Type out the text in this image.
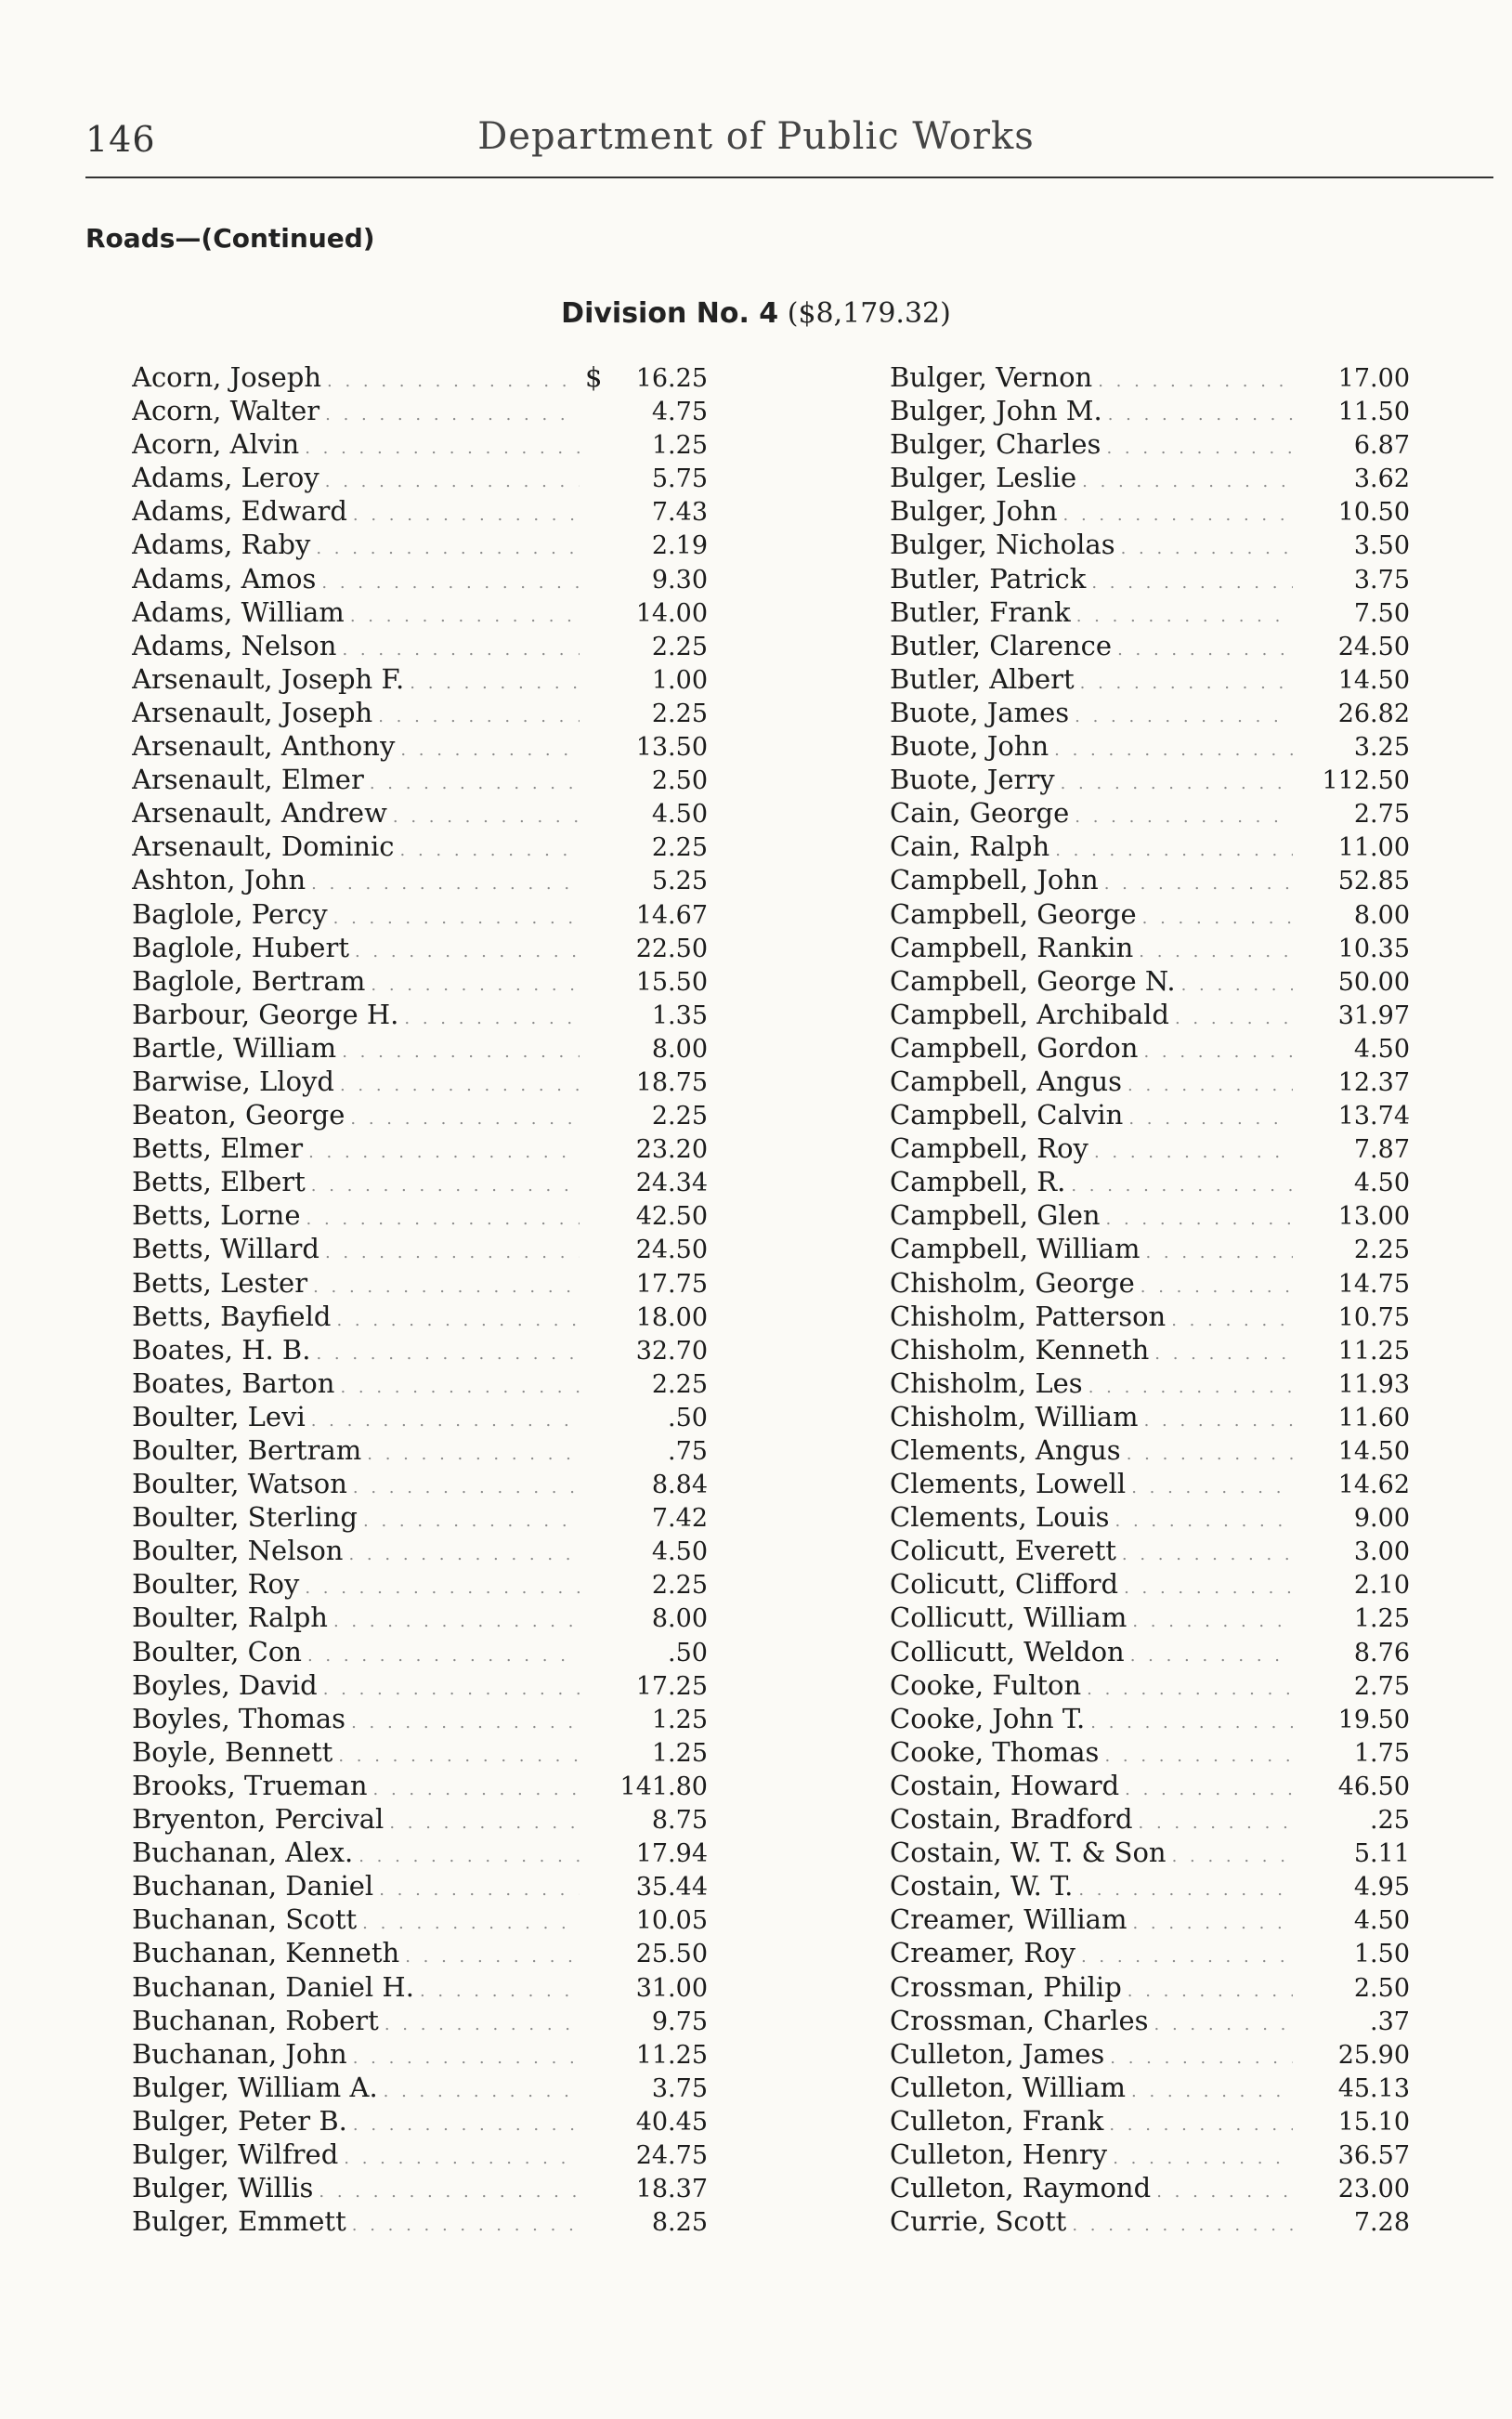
146	Department of Public Works
Roads—(Continued)
Division No. 4 ($8,179.32)
Acorn, Joseph . . .	$	16.25
Acorn, Walter . . .	4.75
Acorn, Alvin . . .	1.25
Adams, Leroy . . .	5.75
Adams, Edward . . .	7.43
Adams, Raby . . .	2.19
Adams, Amos . . .	9.30
Adams, William . . .	14.00
Adams, Nelson . . .	2.25
Arsenault, Joseph F. . . .	1.00
Arsenault, Joseph . . .	2.25
Arsenault, Anthony . . .	13.50
Arsenault, Elmer . . .	2.50
Arsenault, Andrew . . .	4.50
Arsenault, Dominic . . .	2.25
Ashton, John . . .	5.25
Baglole, Percy . . .	14.67
Baglole, Hubert . . .	22.50
Baglole, Bertram . . .	15.50
Barbour, George H. . . .	1.35
Bartle, William . . .	8.00
Barwise, Lloyd . . .	18.75
Beaton, George . . .	2.25
Betts, Elmer . . .	23.20
Betts, Elbert . . .	24.34
Betts, Lorne . . .	42.50
Betts, Willard . . .	24.50
Betts, Lester . . .	17.75
Betts, Bayfield . . .	18.00
Boates, H. B. . . .	32.70
Boates, Barton . . .	2.25
Boulter, Levi . . .	.50
Boulter, Bertram . . .	.75
Boulter, Watson . . .	8.84
Boulter, Sterling . . .	7.42
Boulter, Nelson . . .	4.50
Boulter, Roy . . .	2.25
Boulter, Ralph . . .	8.00
Boulter, Con . . .	.50
Boyles, David . . .	17.25
Boyles, Thomas . . .	1.25
Boyle, Bennett . . .	1.25
Brooks, Trueman . . .	141.80
Bryenton, Percival . . .	8.75
Buchanan, Alex. . . .	17.94
Buchanan, Daniel . . .	35.44
Buchanan, Scott . . .	10.05
Buchanan, Kenneth . . .	25.50
Buchanan, Daniel H. . . .	31.00
Buchanan, Robert . . .	9.75
Buchanan, John . . .	11.25
Bulger, William A. . . .	3.75
Bulger, Peter B. . . .	40.45
Bulger, Wilfred . . .	24.75
Bulger, Willis . . .	18.37
Bulger, Emmett . . .	8.25
Bulger, Vernon . . .	17.00
Bulger, John M. . . .	11.50
Bulger, Charles . . .	6.87
Bulger, Leslie . . .	3.62
Bulger, John . . .	10.50
Bulger, Nicholas . . .	3.50
Butler, Patrick . . .	3.75
Butler, Frank . . .	7.50
Butler, Clarence . . .	24.50
Butler, Albert . . .	14.50
Buote, James . . .	26.82
Buote, John . . .	3.25
Buote, Jerry . . .	112.50
Cain, George . . .	2.75
Cain, Ralph . . .	11.00
Campbell, John . . .	52.85
Campbell, George . . .	8.00
Campbell, Rankin . . .	10.35
Campbell, George N. . . .	50.00
Campbell, Archibald . . .	31.97
Campbell, Gordon . . .	4.50
Campbell, Angus . . .	12.37
Campbell, Calvin . . .	13.74
Campbell, Roy . . .	7.87
Campbell, R. . . .	4.50
Campbell, Glen . . .	13.00
Campbell, William . . .	2.25
Chisholm, George . . .	14.75
Chisholm, Patterson . . .	10.75
Chisholm, Kenneth . . .	11.25
Chisholm, Les . . .	11.93
Chisholm, William . . .	11.60
Clements, Angus . . .	14.50
Clements, Lowell . . .	14.62
Clements, Louis . . .	9.00
Colicutt, Everett . . .	3.00
Colicutt, Clifford . . .	2.10
Collicutt, William . . .	1.25
Collicutt, Weldon . . .	8.76
Cooke, Fulton . . .	2.75
Cooke, John T. . . .	19.50
Cooke, Thomas . . .	1.75
Costain, Howard . . .	46.50
Costain, Bradford . . .	.25
Costain, W. T. & Son . . .	5.11
Costain, W. T. . . .	4.95
Creamer, William . . .	4.50
Creamer, Roy . . .	1.50
Crossman, Philip . . .	2.50
Crossman, Charles . . .	.37
Culleton, James . . .	25.90
Culleton, William . . .	45.13
Culleton, Frank . . .	15.10
Culleton, Henry . . .	36.57
Culleton, Raymond . . .	23.00
Currie, Scott . . .	7.28
